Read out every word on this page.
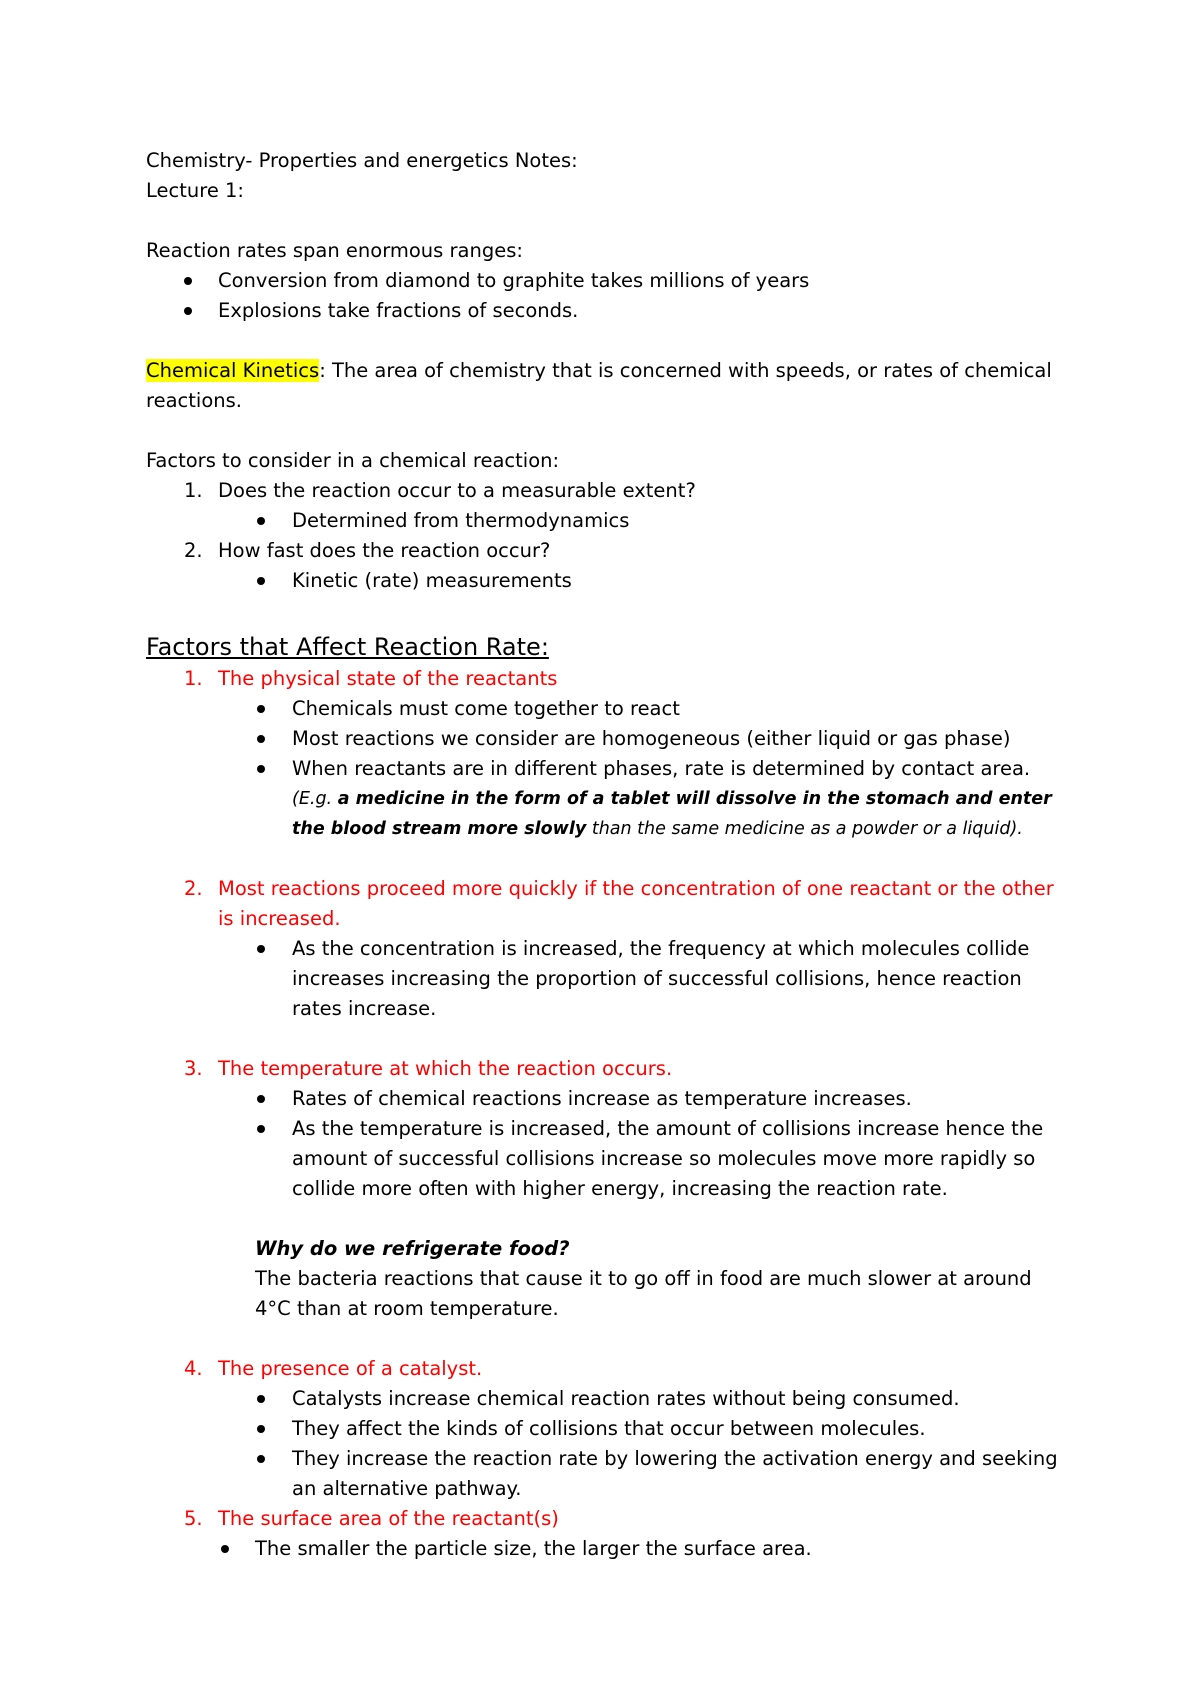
Chemistry- Properties and energetics Notes:

Lecture 1:

Reaction rates span enormous ranges:

Conversion from diamond to graphite takes millions of years
Explosions take fractions of seconds.

Chemical Kinetics: The area of chemistry that is concerned with speeds, or rates of chemical reactions.

Factors to consider in a chemical reaction:

1. Does the reaction occur to a measurable extent?
Determined from thermodynamics
2. How fast does the reaction occur?
Kinetic (rate) measurements

Factors that Affect Reaction Rate:

1. The physical state of the reactants
Chemicals must come together to react
Most reactions we consider are homogeneous (either liquid or gas phase)
When reactants are in different phases, rate is determined by contact area.

(E.g. a medicine in the form of a tablet will dissolve in the stomach and enter the blood stream more slowly than the same medicine as a powder or a liquid).

2. Most reactions proceed more quickly if the concentration of one reactant or the other is increased.
As the concentration is increased, the frequency at which molecules collide increases increasing the proportion of successful collisions, hence reaction rates increase.
3. The temperature at which the reaction occurs.
Rates of chemical reactions increase as temperature increases.
As the temperature is increased, the amount of collisions increase hence the amount of successful collisions increase so molecules move more rapidly so collide more often with higher energy, increasing the reaction rate.

Why do we refrigerate food?

The bacteria reactions that cause it to go off in food are much slower at around 4°C than at room temperature.

4. The presence of a catalyst.
Catalysts increase chemical reaction rates without being consumed.
They affect the kinds of collisions that occur between molecules.
They increase the reaction rate by lowering the activation energy and seeking an alternative pathway.
5. The surface area of the reactant(s)
The smaller the particle size, the larger the surface area.
